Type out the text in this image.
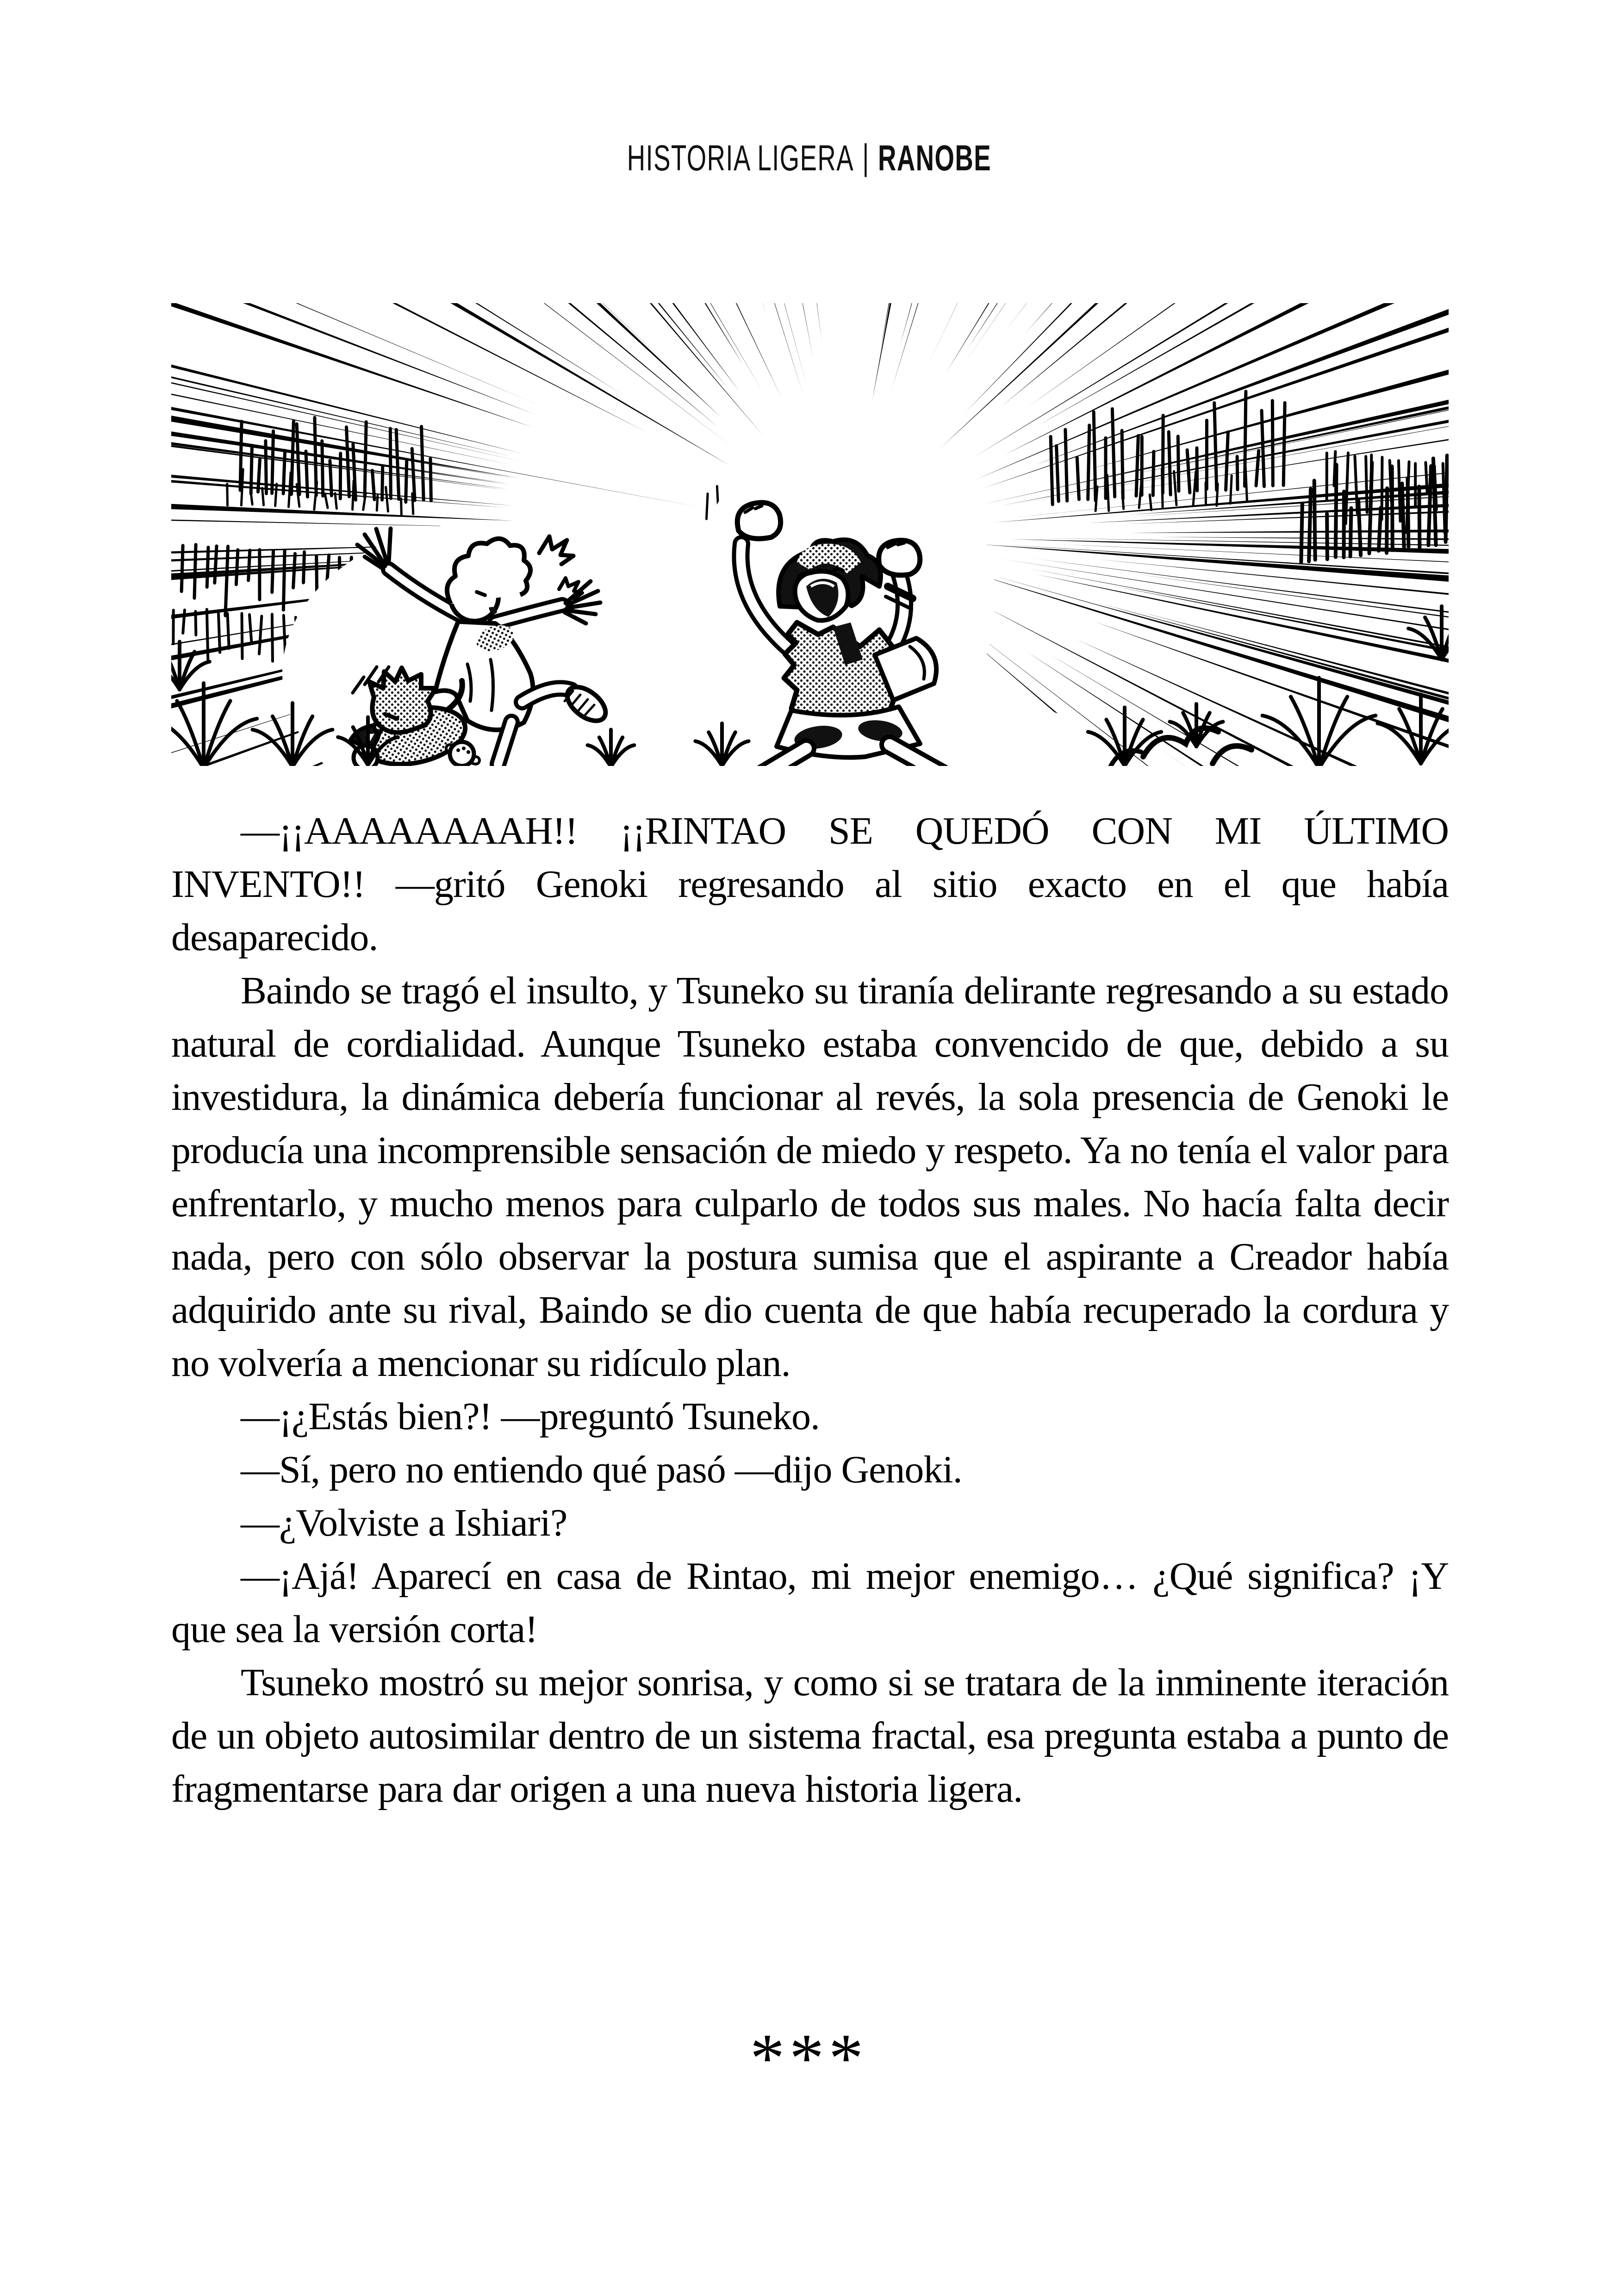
HISTORIA LIGERA | RANOBE

—¡¡AAAAAAAAH!! ¡¡RINTAO SE QUEDÓ CON MI ÚLTIMO INVENTO!! —gritó Genoki regresando al sitio exacto en el que había desaparecido.

Baindo se tragó el insulto, y Tsuneko su tiranía delirante regresando a su estado natural de cordialidad. Aunque Tsuneko estaba convencido de que, debido a su investidura, la dinámica debería funcionar al revés, la sola presencia de Genoki le producía una incomprensible sensación de miedo y respeto. Ya no tenía el valor para enfrentarlo, y mucho menos para culparlo de todos sus males. No hacía falta decir nada, pero con sólo observar la postura sumisa que el aspirante a Creador había adquirido ante su rival, Baindo se dio cuenta de que había recuperado la cordura y no volvería a mencionar su ridículo plan.

—¡¿Estás bien?! —preguntó Tsuneko.

—Sí, pero no entiendo qué pasó —dijo Genoki.

—¿Volviste a Ishiari?

—¡Ajá! Aparecí en casa de Rintao, mi mejor enemigo… ¿Qué significa? ¡Y que sea la versión corta!

Tsuneko mostró su mejor sonrisa, y como si se tratara de la inminente iteración de un objeto autosimilar dentro de un sistema fractal, esa pregunta estaba a punto de fragmentarse para dar origen a una nueva historia ligera.

***
